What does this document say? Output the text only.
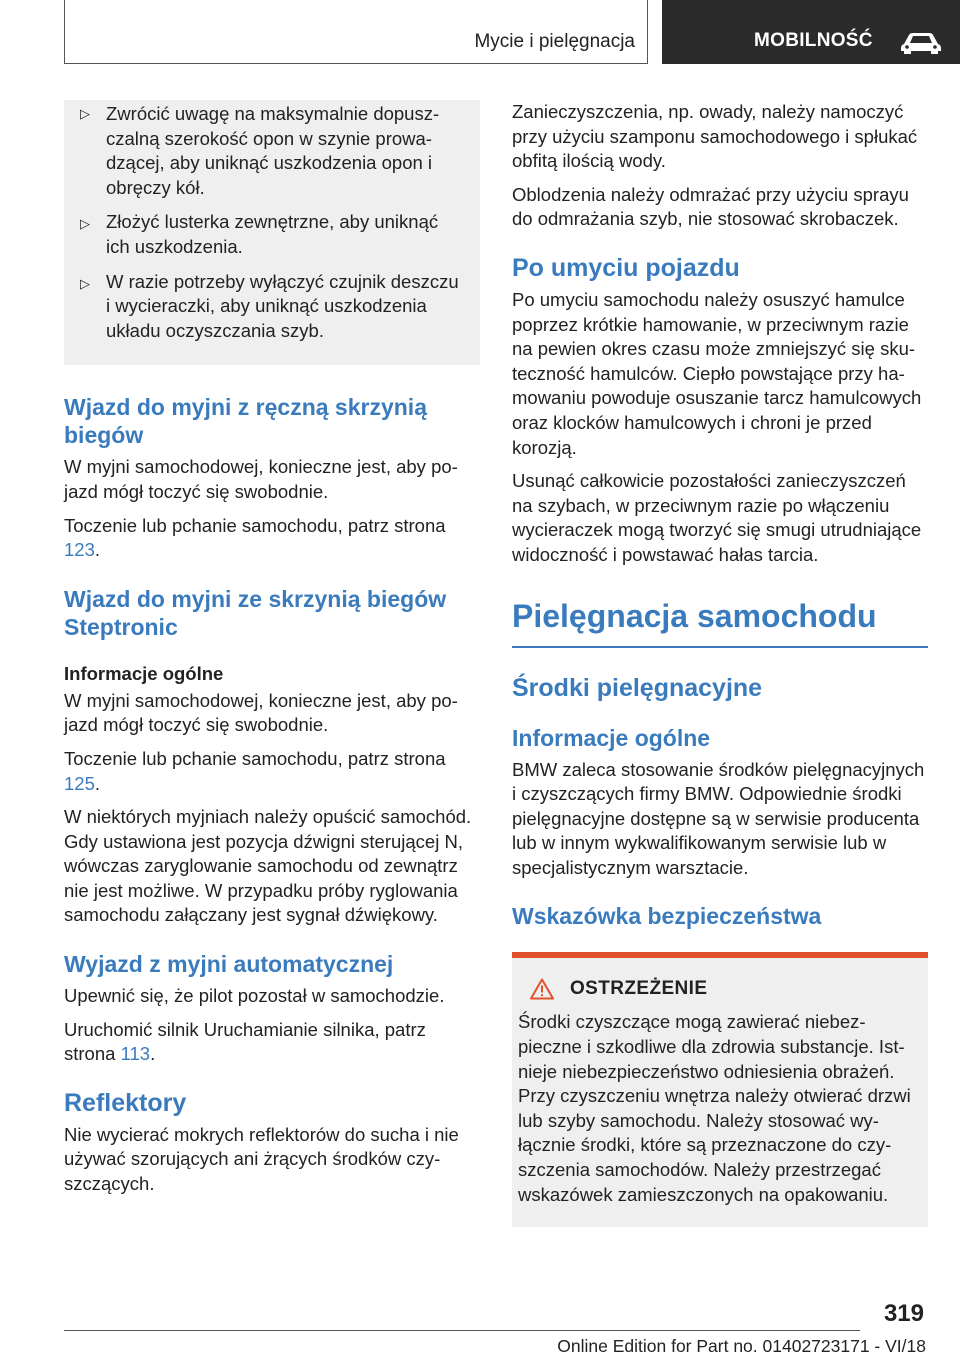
Mycie i pielęgnacja	MOBILNOŚĆ
▷ Zwrócić uwagę na maksymalnie dopuszczalną szerokość opon w szynie prowadzącej, aby uniknąć uszkodzenia opon i obręczy kół.
▷ Złożyć lusterka zewnętrzne, aby uniknąć ich uszkodzenia.
▷ W razie potrzeby wyłączyć czujnik deszczu i wycieraczki, aby uniknąć uszkodzenia układu oczyszczania szyb.
Wjazd do myjni z ręczną skrzynią biegów

W myjni samochodowej, konieczne jest, aby pojazd mógł toczyć się swobodnie.

Toczenie lub pchanie samochodu, patrz strona 123.

Wjazd do myjni ze skrzynią biegów Steptronic
Informacje ogólne

W myjni samochodowej, konieczne jest, aby pojazd mógł toczyć się swobodnie.

Toczenie lub pchanie samochodu, patrz strona 125.

W niektórych myjniach należy opuścić samochód. Gdy ustawiona jest pozycja dźwigni sterującej N, wówczas zaryglowanie samochodu od zewnątrz nie jest możliwe. W przypadku próby ryglowania samochodu załączany jest sygnał dźwiękowy.

Wyjazd z myjni automatycznej

Upewnić się, że pilot pozostał w samochodzie.

Uruchomić silnik Uruchamianie silnika, patrz strona 113.

Reflektory

Nie wycierać mokrych reflektorów do sucha i nie używać szorujących ani żrących środków czyszczących.

Zanieczyszczenia, np. owady, należy namoczyć przy użyciu szamponu samochodowego i spłukać obfitą ilością wody.

Oblodzenia należy odmrażać przy użyciu sprayu do odmrażania szyb, nie stosować skrobaczek.

Po umyciu pojazdu

Po umyciu samochodu należy osuszyć hamulce poprzez krótkie hamowanie, w przeciwnym razie na pewien okres czasu może zmniejszyć się skuteczność hamulców. Ciepło powstające przy hamowaniu powoduje osuszanie tarcz hamulcowych oraz klocków hamulcowych i chroni je przed korozją.

Usunąć całkowicie pozostałości zanieczyszczeń na szybach, w przeciwnym razie po włączeniu wycieraczek mogą tworzyć się smugi utrudniające widoczność i powstawać hałas tarcia.

Pielęgnacja samochodu
Środki pielęgnacyjne
Informacje ogólne

BMW zaleca stosowanie środków pielęgnacyjnych i czyszczących firmy BMW. Odpowiednie środki pielęgnacyjne dostępne są w serwisie producenta lub w innym wykwalifikowanym serwisie lub w specjalistycznym warsztacie.

Wskazówka bezpieczeństwa
OSTRZEŻENIE

Środki czyszczące mogą zawierać niebezpieczne i szkodliwe dla zdrowia substancje. Istnieje niebezpieczeństwo odniesienia obrażeń. Przy czyszczeniu wnętrza należy otwierać drzwi lub szyby samochodu. Należy stosować wyłącznie środki, które są przeznaczone do czyszczenia samochodów. Należy przestrzegać wskazówek zamieszczonych na opakowaniu.

319
Online Edition for Part no. 01402723171 - VI/18
